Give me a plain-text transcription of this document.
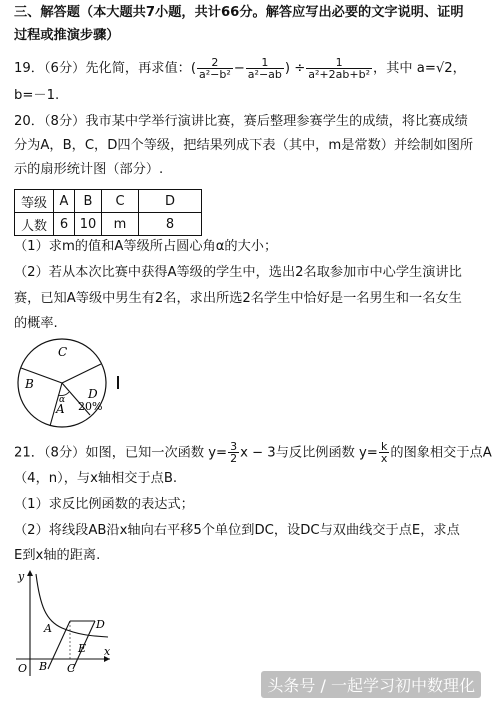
三、解答题（本大题共7小题，共计66分。解答应写出必要的文字说明、证明
过程或推演步骤）
19．（6分）先化简，再求值：( $\frac{2}{\text{a²−b²}} - \frac{1}{\text{a²−ab}}$ ) ÷ $\frac{1}{\text{a²+2ab+b²}}$ ，其中 a=√2，
b=－1.
20．（8分）我市某中学举行演讲比赛，赛后整理参赛学生的成绩，将比赛成绩
分为A，B，C，D四个等级，把结果列成下表（其中，m是常数）并绘制如图所
示的扇形统计图（部分）.
等级	A	B	C	D
人数	6	10	m	8
（1）求m的值和A等级所占圆心角α的大小；
（2）若从本次比赛中获得A等级的学生中，选出2名取参加市中心学生演讲比
赛，已知A等级中男生有2名，求出所选2名学生中恰好是一名男生和一名女生
的概率.
C
B
A
D
20%
α
21．（8分）如图，已知一次函数 $y= \frac{3}{2}$ x − 3与反比例函数 $y= \frac{k}{x}$ 的图象相交于点A
（4，n），与x轴相交于点B.
（1）求反比例函数的表达式；
（2）将线段AB沿x轴向右平移5个单位到DC，设DC与双曲线交于点E，求点
E到x轴的距离.
y
x
O
A
B C
D
E
头条号 / 一起学习初中数理化
